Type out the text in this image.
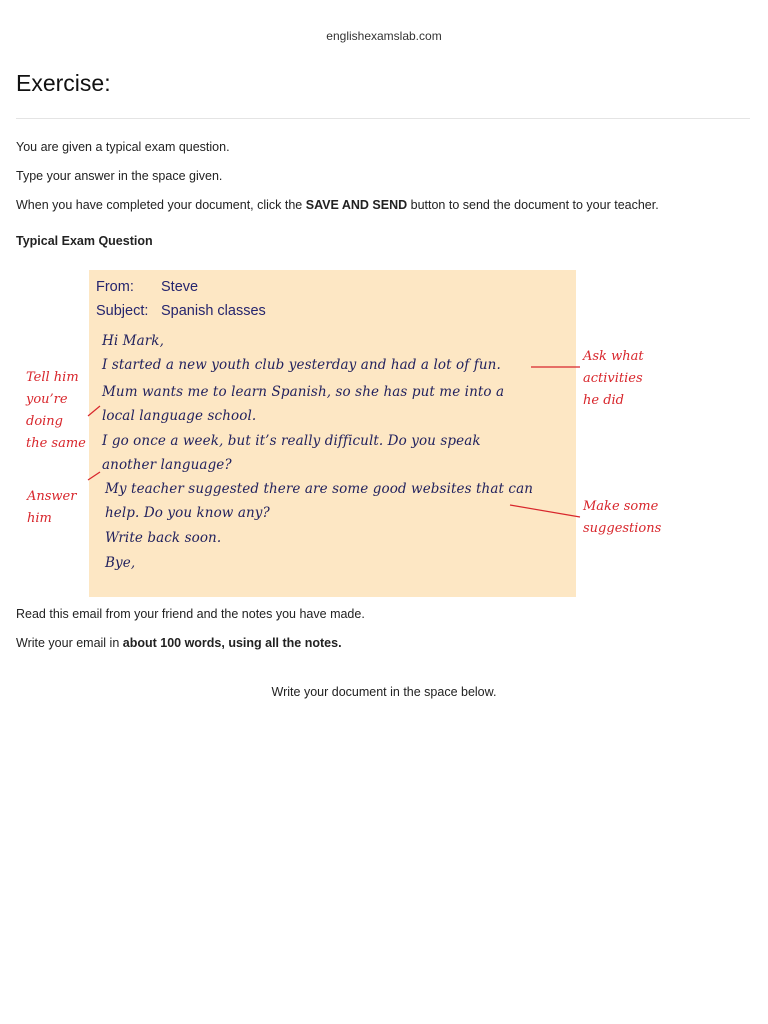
englishexamslab.com
Exercise:
You are given a typical exam question.
Type your answer in the space given.
When you have completed your document, click the SAVE AND SEND button to send the document to your teacher.
Typical Exam Question
From: Steve
Subject: Spanish classes
Hi Mark,
I started a new youth club yesterday and had a lot of fun.
Mum wants me to learn Spanish, so she has put me into a
local language school.
I go once a week, but it’s really difficult. Do you speak
another language?
My teacher suggested there are some good websites that can
help. Do you know any?
Write back soon.
Bye,
Tell him
you’re
doing
the same
Answer
him
Ask what
activities
he did
Make some
suggestions
Read this email from your friend and the notes you have made.
Write your email in about 100 words, using all the notes.
Write your document in the space below.
